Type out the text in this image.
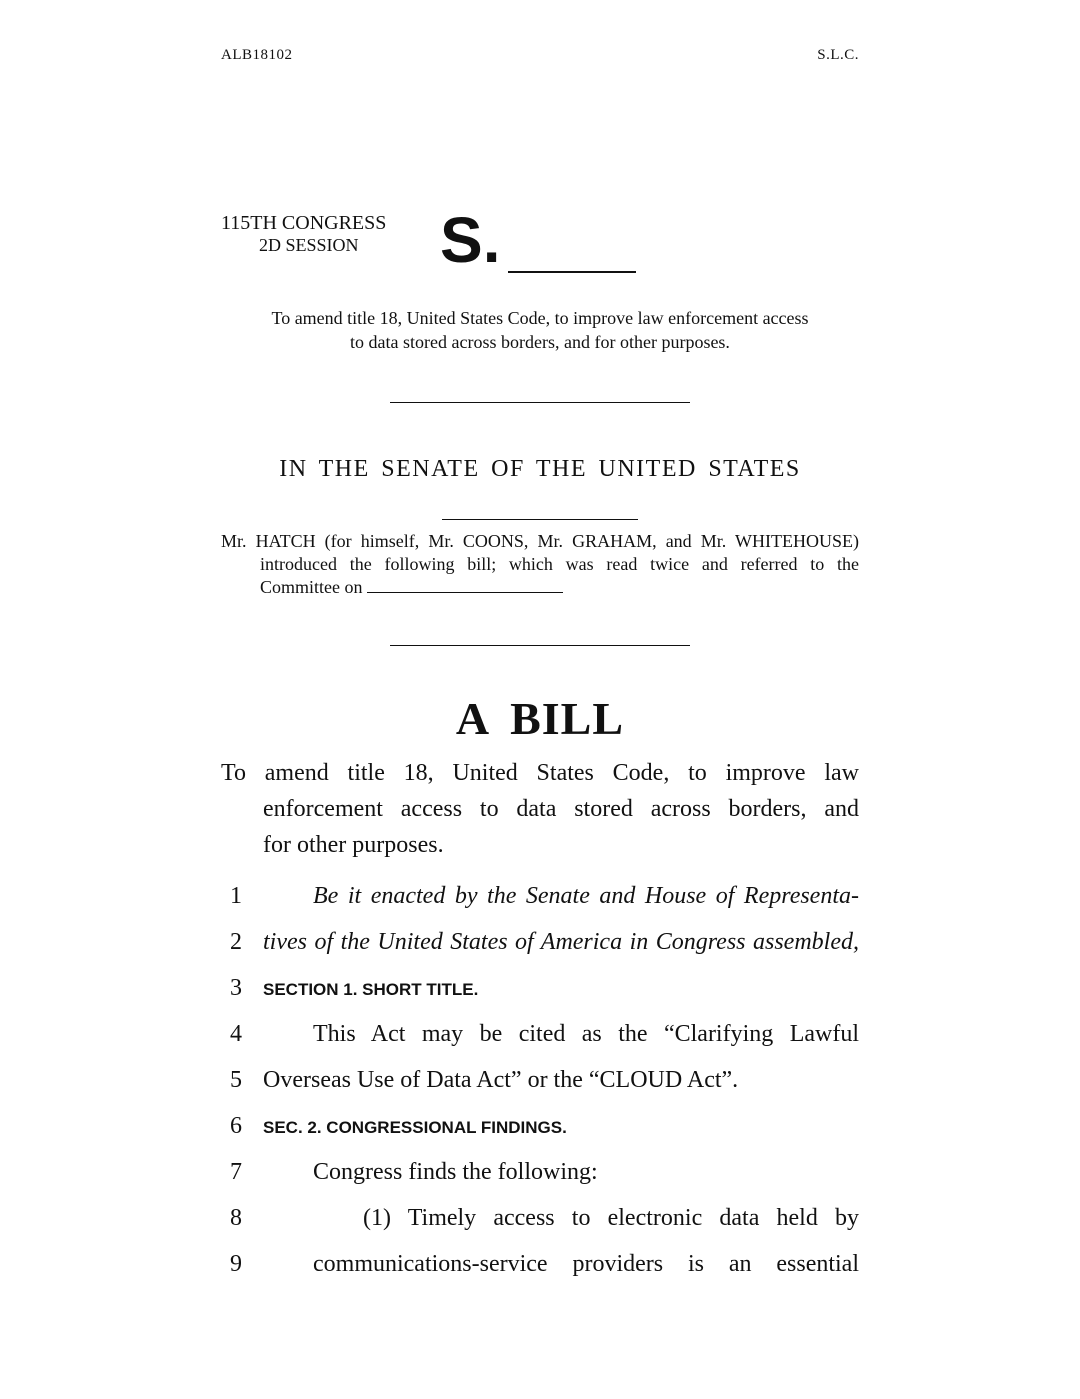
ALB18102	S.L.C.
115TH CONGRESS
2D SESSION	S.
To amend title 18, United States Code, to improve law enforcement access
to data stored across borders, and for other purposes.
IN THE SENATE OF THE UNITED STATES
Mr. HATCH (for himself, Mr. COONS, Mr. GRAHAM, and Mr. WHITEHOUSE)
introduced the following bill; which was read twice and referred to the
Committee on
A BILL
To amend title 18, United States Code, to improve law
enforcement access to data stored across borders, and
for other purposes.
1	Be it enacted by the Senate and House of Representa-
2 tives of the United States of America in Congress assembled,
3	SECTION 1. SHORT TITLE.
4	This Act may be cited as the “Clarifying Lawful
5 Overseas Use of Data Act” or the “CLOUD Act”.
6	SEC. 2. CONGRESSIONAL FINDINGS.
7	Congress finds the following:
8	(1) Timely access to electronic data held by
9	communications-service providers is an essential
